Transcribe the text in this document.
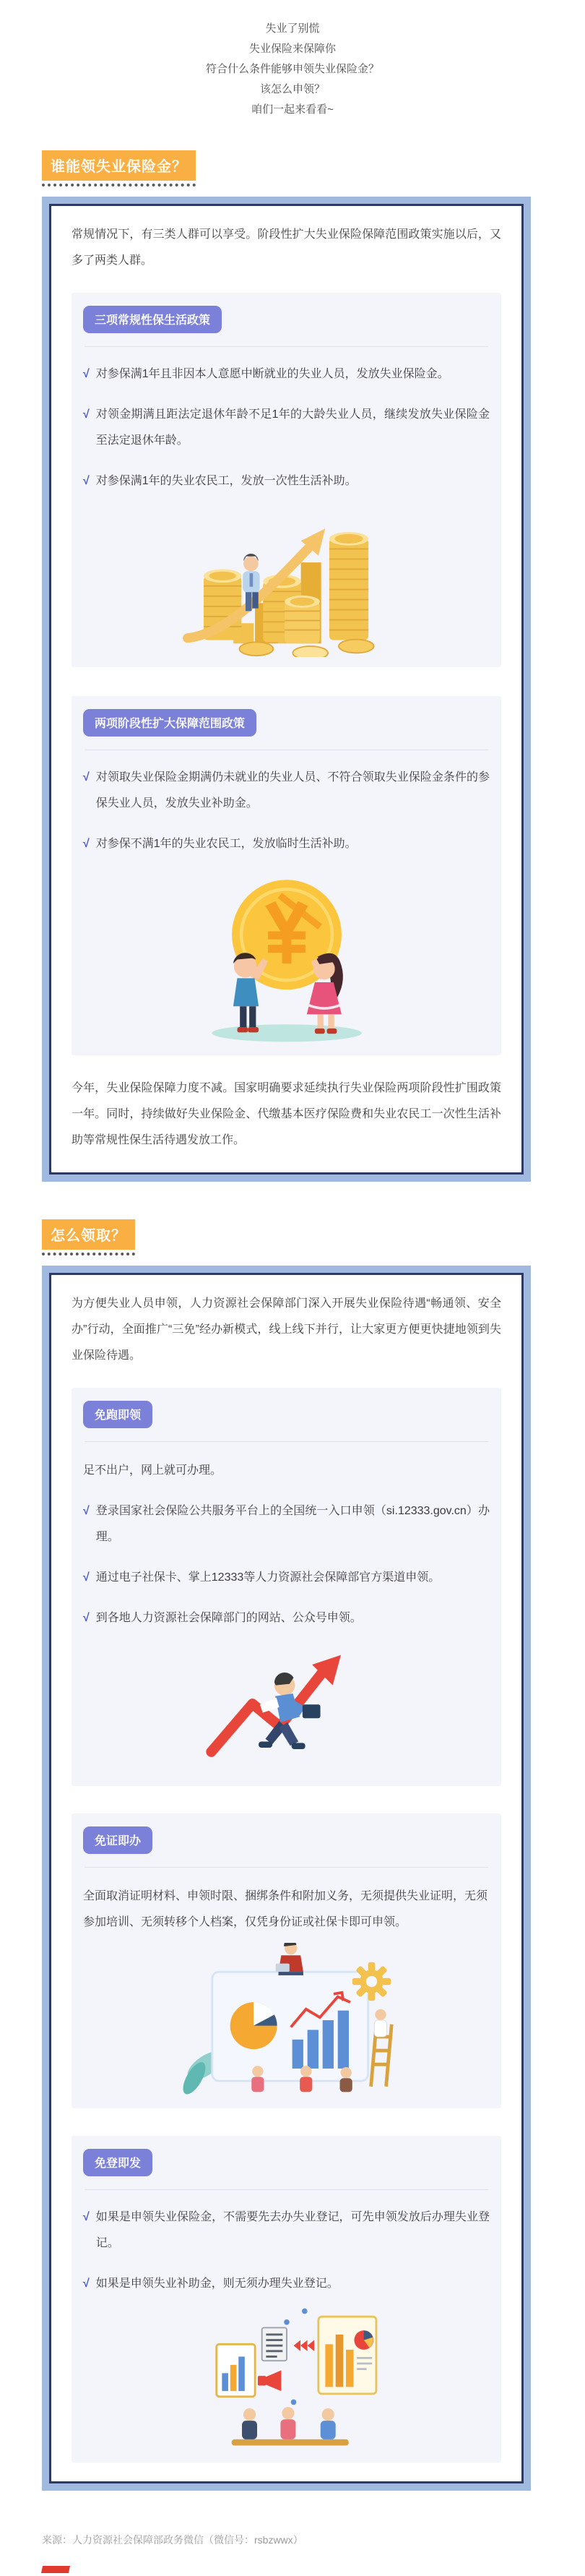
失业了别慌
失业保险来保障你
符合什么条件能够申领失业保险金？
该怎么申领？
咱们一起来看看~
谁能领失业保险金？

常规情况下，有三类人群可以享受。阶段性扩大失业保险保障范围政策实施以后，又多了两类人群。

三项常规性保生活政策
√ 对参保满1年且非因本人意愿中断就业的失业人员，发放失业保险金。
√ 对领金期满且距法定退休年龄不足1年的大龄失业人员，继续发放失业保险金至法定退休年龄。
√ 对参保满1年的失业农民工，发放一次性生活补助。
两项阶段性扩大保障范围政策
√ 对领取失业保险金期满仍未就业的失业人员、不符合领取失业保险金条件的参保失业人员，发放失业补助金。
√ 对参保不满1年的失业农民工，发放临时生活补助。

今年，失业保险保障力度不减。国家明确要求延续执行失业保险两项阶段性扩围政策一年。同时，持续做好失业保险金、代缴基本医疗保险费和失业农民工一次性生活补助等常规性保生活待遇发放工作。

怎么领取？

为方便失业人员申领，人力资源社会保障部门深入开展失业保险待遇“畅通领、安全办”行动，全面推广“三免”经办新模式，线上线下并行，让大家更方便更快捷地领到失业保险待遇。

免跑即领

足不出户，网上就可办理。

√ 登录国家社会保险公共服务平台上的全国统一入口申领（si.12333.gov.cn）办理。
√ 通过电子社保卡、掌上12333等人力资源社会保障部官方渠道申领。
√ 到各地人力资源社会保障部门的网站、公众号申领。
免证即办

全面取消证明材料、申领时限、捆绑条件和附加义务，无须提供失业证明，无须参加培训、无须转移个人档案，仅凭身份证或社保卡即可申领。

免登即发
√ 如果是申领失业保险金，不需要先去办失业登记，可先申领发放后办理失业登记。
√ 如果是申领失业补助金，则无须办理失业登记。
来源：人力资源社会保障部政务微信（微信号：rsbzwwx）
